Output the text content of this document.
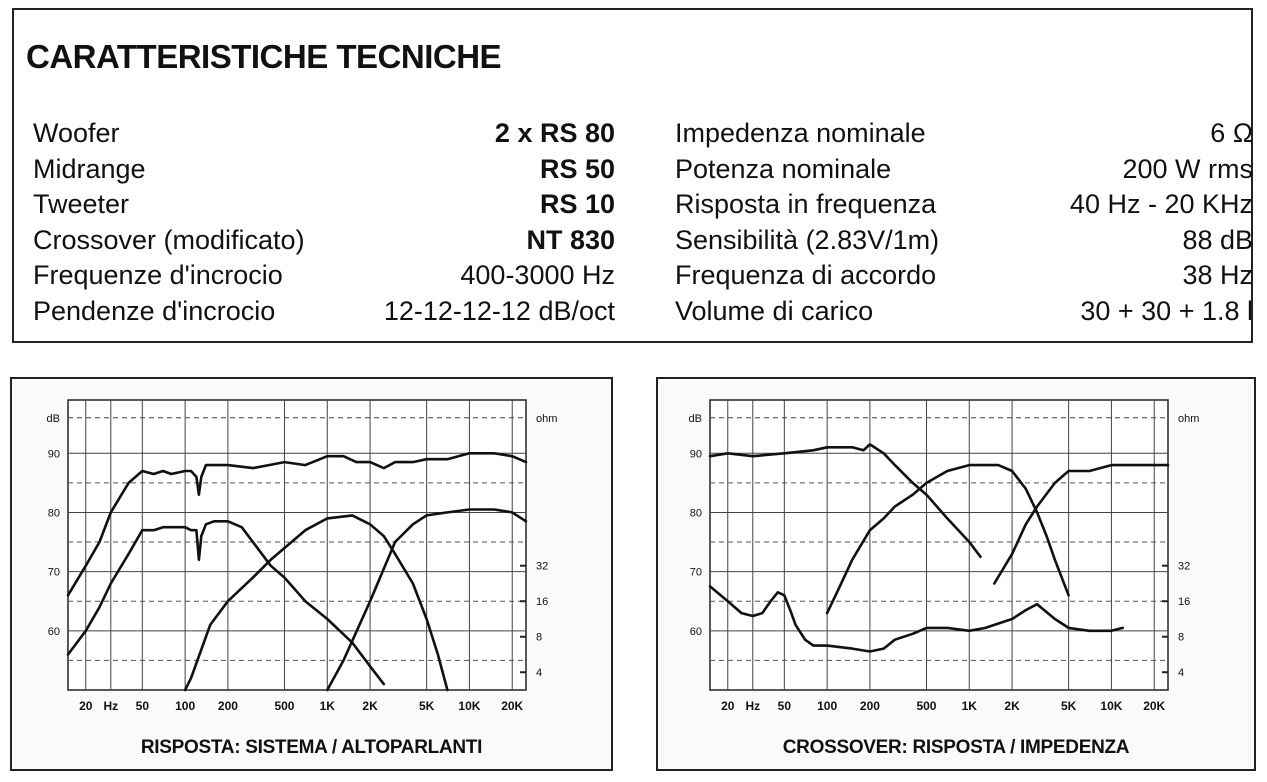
CARATTERISTICHE TECNICHE
Woofer	2 x RS 80
Midrange	RS 50
Tweeter	RS 10
Crossover (modificato)	NT 830
Frequenze d'incrocio	400-3000 Hz
Pendenze d'incrocio	12-12-12-12 dB/oct
Impedenza nominale	6 Ω
Potenza nominale	200 W rms
Risposta in frequenza	40 Hz - 20 KHz
Sensibilità (2.83V/1m)	88 dB
Frequenza di accordo	38 Hz
Volume di carico	30 + 30 + 1.8 l
20 Hz 50 100 200	500 1K 2K	5K 10K 20K
dB
90
80
70
60
ohm
32
16
8
4
RISPOSTA: SISTEMA / ALTOPARLANTI
20 Hz 50 100 200	500 1K 2K	5K 10K 20K
dB
90
80
70
60
ohm
32
16
8
4
CROSSOVER: RISPOSTA / IMPEDENZA
